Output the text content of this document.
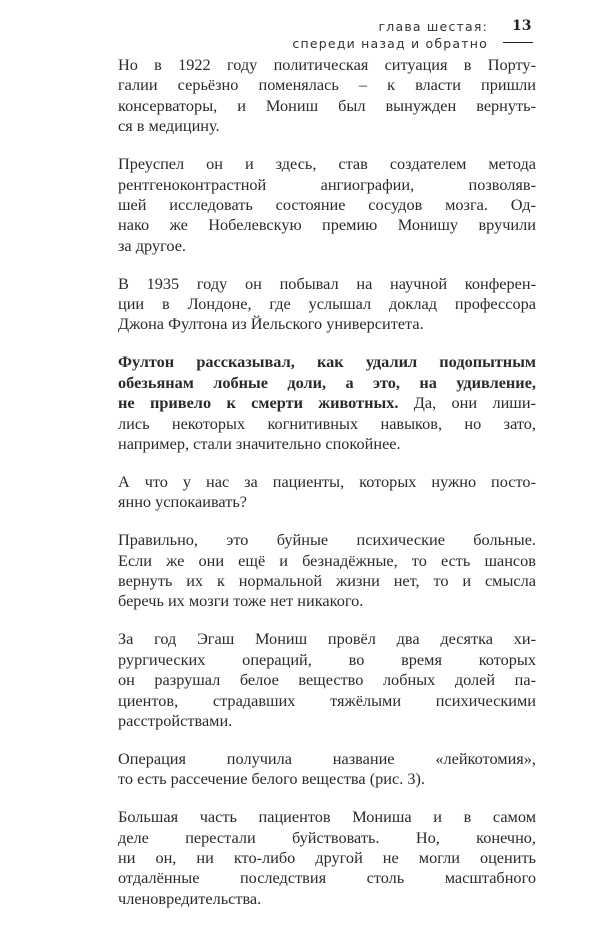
глава шестая:
спереди назад и обратно
13

Но в 1922 году политическая ситуация в Порту-
галии серьёзно поменялась – к власти пришли
консерваторы, и Мониш был вынужден вернуть-
ся в медицину.

Преуспел он и здесь, став создателем метода
рентгеноконтрастной ангиографии, позволяв-
шей исследовать состояние сосудов мозга. Од-
нако же Нобелевскую премию Монишу вручили
за другое.

В 1935 году он побывал на научной конферен-
ции в Лондоне, где услышал доклад профессора
Джона Фултона из Йельского университета.

Фултон рассказывал, как удалил подопытным
обезьянам лобные доли, а это, на удивление,
не привело к смерти животных. Да, они лиши-
лись некоторых когнитивных навыков, но зато,
например, стали значительно спокойнее.

А что у нас за пациенты, которых нужно посто-
янно успокаивать?

Правильно, это буйные психические больные.
Если же они ещё и безнадёжные, то есть шансов
вернуть их к нормальной жизни нет, то и смысла
беречь их мозги тоже нет никакого.

За год Эгаш Мониш провёл два десятка хи-
рургических операций, во время которых
он разрушал белое вещество лобных долей па-
циентов, страдавших тяжёлыми психическими
расстройствами.

Операция получила название «лейкотомия»,
то есть рассечение белого вещества (рис. 3).

Большая часть пациентов Мониша и в самом
деле перестали буйствовать. Но, конечно,
ни он, ни кто-либо другой не могли оценить
отдалённые последствия столь масштабного
членовредительства.
